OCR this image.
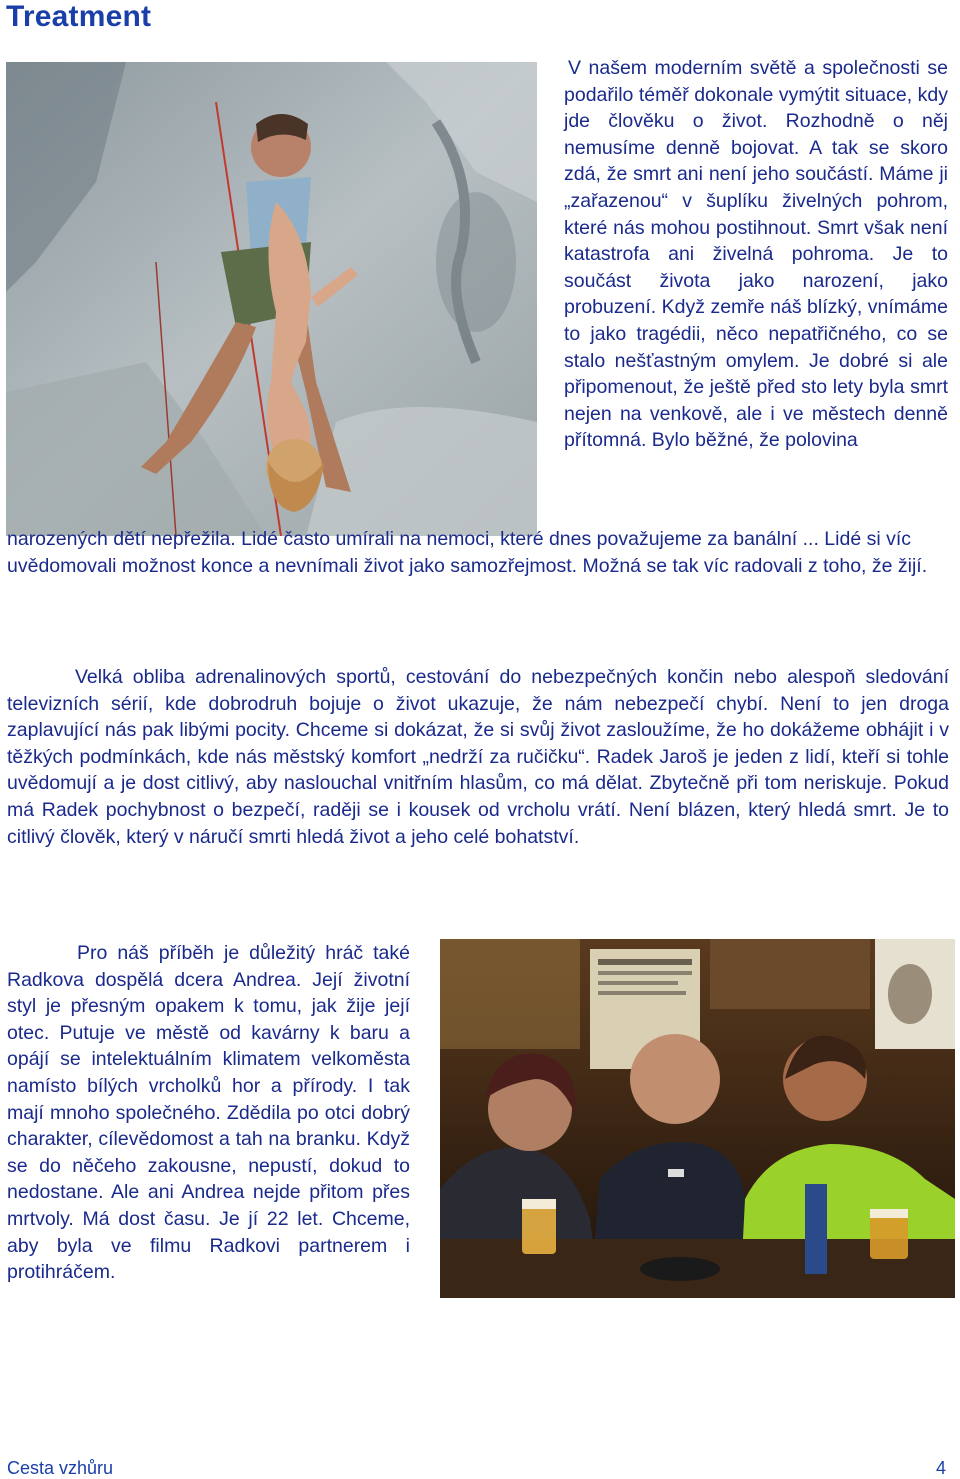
Treatment

V našem moderním světě a společnosti se podařilo téměř dokonale vymýtit situace, kdy jde člověku o život. Rozhodně o něj nemusíme denně bojovat. A tak se skoro zdá, že smrt ani není jeho součástí. Máme ji „zařazenou“ v šuplíku živelných pohrom, které nás mohou postihnout. Smrt však není katastrofa ani živelná pohroma. Je to součást života jako narození, jako probuzení. Když zemře náš blízký, vnímáme to jako tragédii, něco nepatřičného, co se stalo nešťastným omylem. Je dobré si ale připomenout, že ještě před sto lety byla smrt nejen na venkově, ale i ve městech denně přítomná. Bylo běžné, že polovina

narozených dětí nepřežila. Lidé často umírali na nemoci, které dnes považujeme za banální ... Lidé si víc uvědomovali možnost konce a nevnímali život jako samozřejmost. Možná se tak víc radovali z toho, že žijí.

Velká obliba adrenalinových sportů, cestování do nebezpečných končin nebo alespoň sledování televizních sérií, kde dobrodruh bojuje o život ukazuje, že nám nebezpečí chybí. Není to jen droga zaplavující nás pak libými pocity. Chceme si dokázat, že si svůj život zasloužíme, že ho dokážeme obhájit i v těžkých podmínkách, kde nás městský komfort „nedrží za ručičku“. Radek Jaroš je jeden z lidí, kteří si tohle uvědomují a je dost citlivý, aby naslouchal vnitřním hlasům, co má dělat. Zbytečně při tom neriskuje. Pokud má Radek pochybnost o bezpečí, raději se i kousek od vrcholu vrátí. Není blázen, který hledá smrt. Je to citlivý člověk, který v náručí smrti hledá život a jeho celé bohatství.

Pro náš příběh je důležitý hráč také Radkova dospělá dcera Andrea. Její životní styl je přesným opakem k tomu, jak žije její otec. Putuje ve městě od kavárny k baru a opájí se intelektuálním klimatem velkoměsta namísto bílých vrcholků hor a přírody. I tak mají mnoho společného. Zdědila po otci dobrý charakter, cílevědomost a tah na branku. Když se do něčeho zakousne, nepustí, dokud to nedostane. Ale ani Andrea nejde přitom přes mrtvoly. Má dost času. Je jí 22 let. Chceme, aby byla ve filmu Radkovi partnerem i protihráčem.

Cesta vzhůru	4
